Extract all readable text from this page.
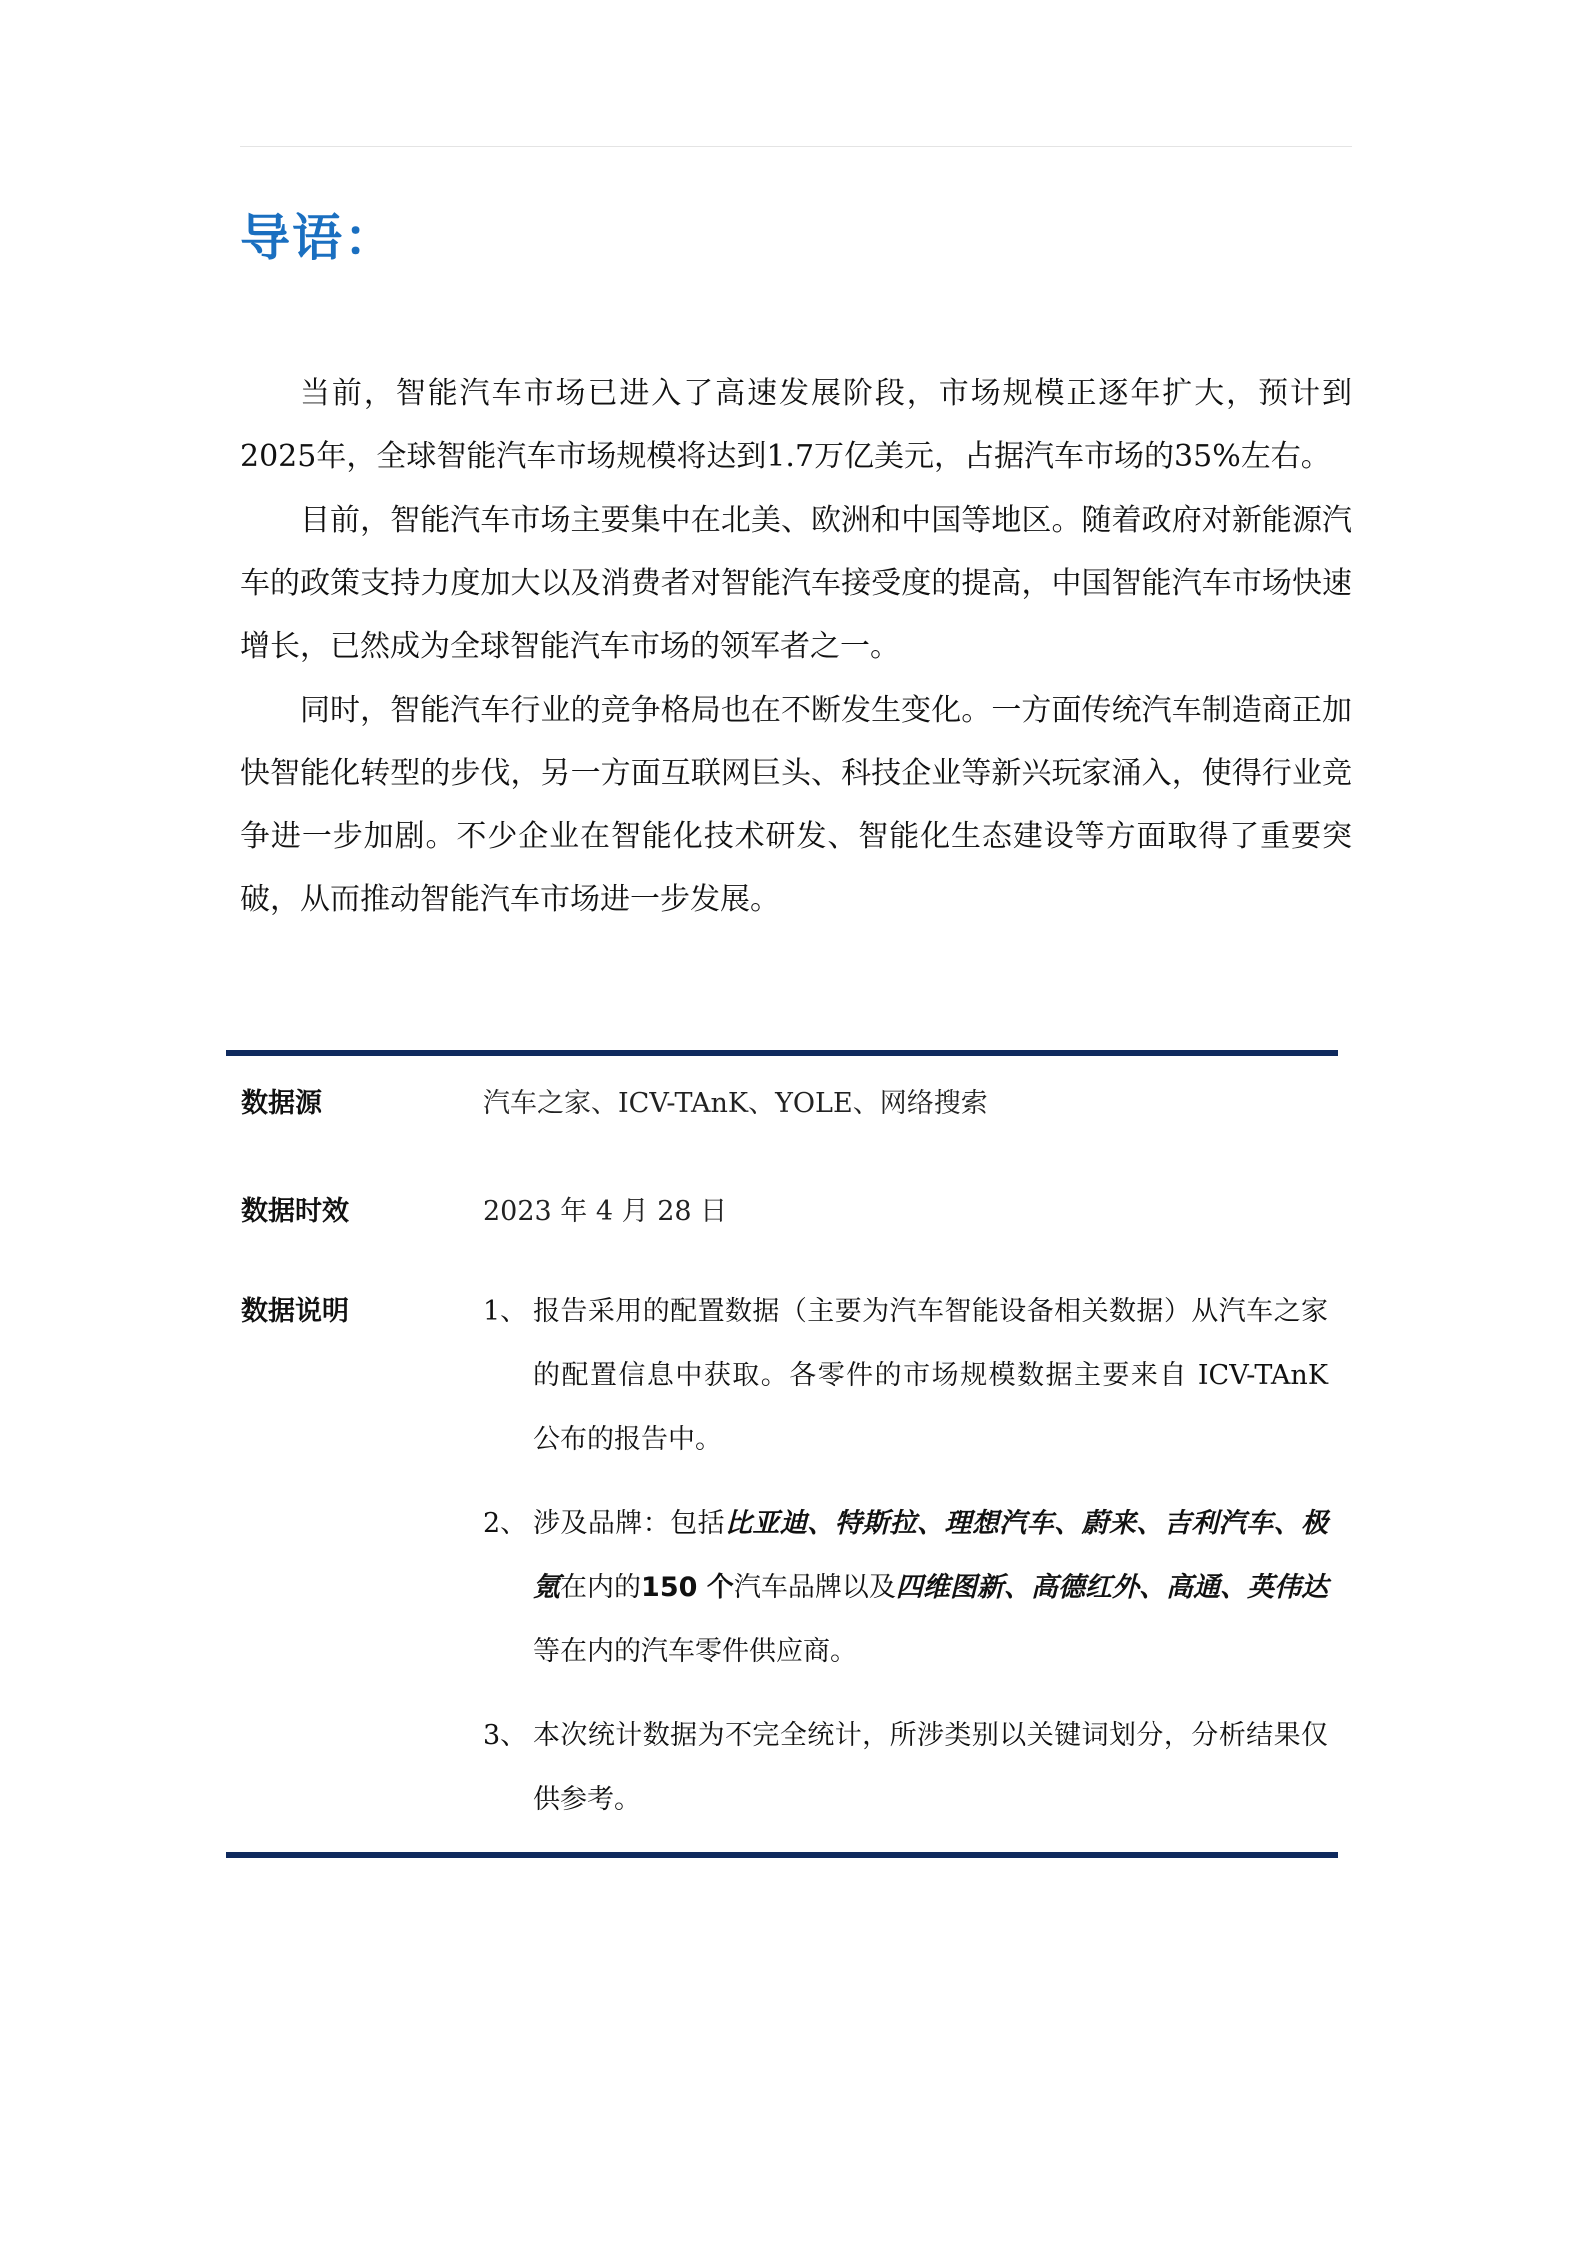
导语：

当前，智能汽车市场已进入了高速发展阶段，市场规模正逐年扩大，预计到2025年，全球智能汽车市场规模将达到1.7万亿美元，占据汽车市场的35%左右。

目前，智能汽车市场主要集中在北美、欧洲和中国等地区。随着政府对新能源汽车的政策支持力度加大以及消费者对智能汽车接受度的提高，中国智能汽车市场快速增长，已然成为全球智能汽车市场的领军者之一。

同时，智能汽车行业的竞争格局也在不断发生变化。一方面传统汽车制造商正加快智能化转型的步伐，另一方面互联网巨头、科技企业等新兴玩家涌入，使得行业竞争进一步加剧。不少企业在智能化技术研发、智能化生态建设等方面取得了重要突破，从而推动智能汽车市场进一步发展。

数据源	汽车之家、ICV-TAnK、YOLE、网络搜索
数据时效	2023 年 4 月 28 日
数据说明	1、 报告采用的配置数据（主要为汽车智能设备相关数据）从汽车之家的配置信息中获取。各零件的市场规模数据主要来自 ICV-TAnK 公布的报告中。
2、 涉及品牌：包括比亚迪、特斯拉、理想汽车、蔚来、吉利汽车、极氪在内的150 个汽车品牌以及四维图新、高德红外、高通、英伟达等在内的汽车零件供应商。
3、 本次统计数据为不完全统计，所涉类别以关键词划分，分析结果仅供参考。
